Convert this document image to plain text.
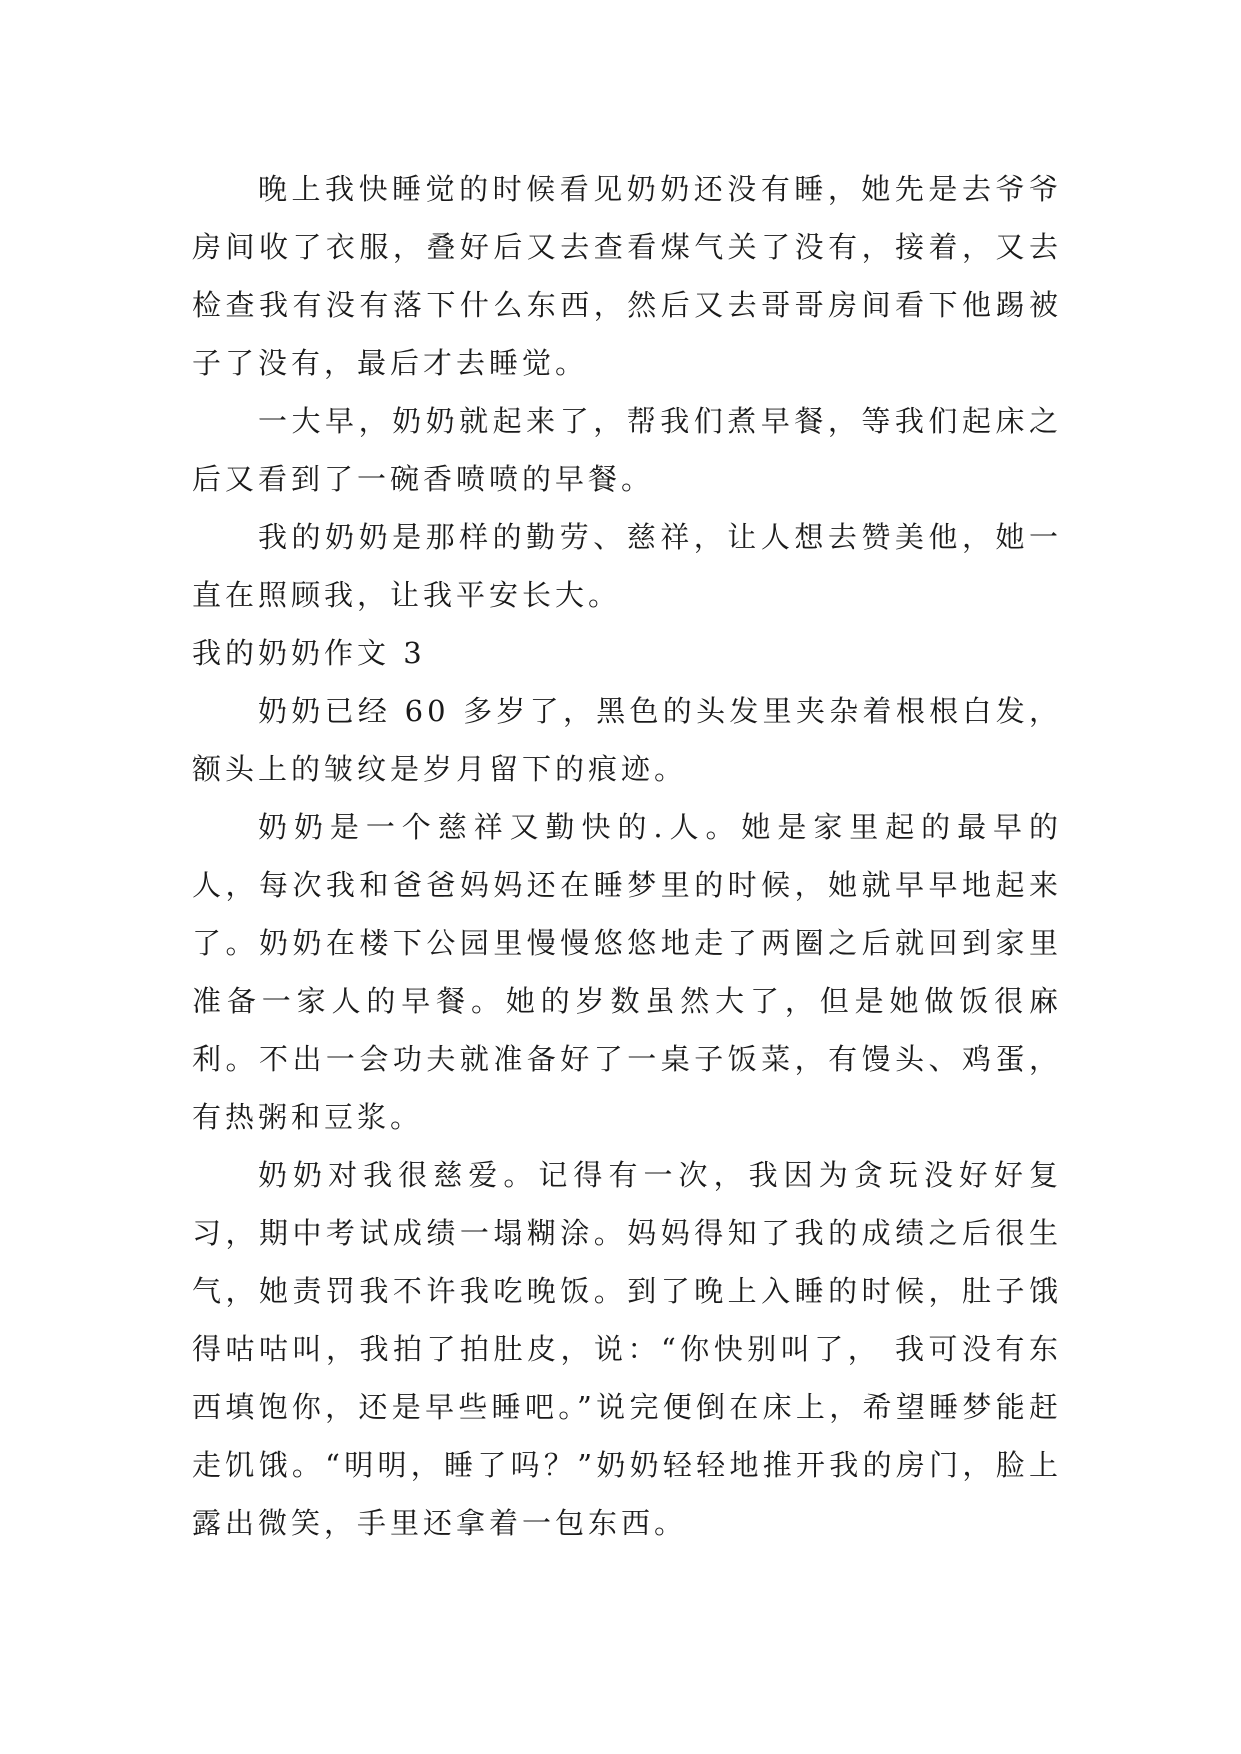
晚上我快睡觉的时候看见奶奶还没有睡，她先是去爷爷房间收了衣服，叠好后又去查看煤气关了没有，接着，又去检查我有没有落下什么东西，然后又去哥哥房间看下他踢被子了没有，最后才去睡觉。

一大早，奶奶就起来了，帮我们煮早餐，等我们起床之后又看到了一碗香喷喷的早餐。

我的奶奶是那样的勤劳、慈祥，让人想去赞美他，她一直在照顾我，让我平安长大。

我的奶奶作文 3

奶奶已经 60 多岁了，黑色的头发里夹杂着根根白发，额头上的皱纹是岁月留下的痕迹。

奶奶是一个慈祥又勤快的.人。她是家里起的最早的人，每次我和爸爸妈妈还在睡梦里的时候，她就早早地起来了。奶奶在楼下公园里慢慢悠悠地走了两圈之后就回到家里准备一家人的早餐。她的岁数虽然大了，但是她做饭很麻利。不出一会功夫就准备好了一桌子饭菜，有馒头、鸡蛋，有热粥和豆浆。

奶奶对我很慈爱。记得有一次，我因为贪玩没好好复习，期中考试成绩一塌糊涂。妈妈得知了我的成绩之后很生气，她责罚我不许我吃晚饭。到了晚上入睡的时候，肚子饿得咕咕叫，我拍了拍肚皮，说：“你快别叫了， 我可没有东西填饱你，还是早些睡吧。”说完便倒在床上，希望睡梦能赶走饥饿。“明明，睡了吗？”奶奶轻轻地推开我的房门，脸上露出微笑，手里还拿着一包东西。
